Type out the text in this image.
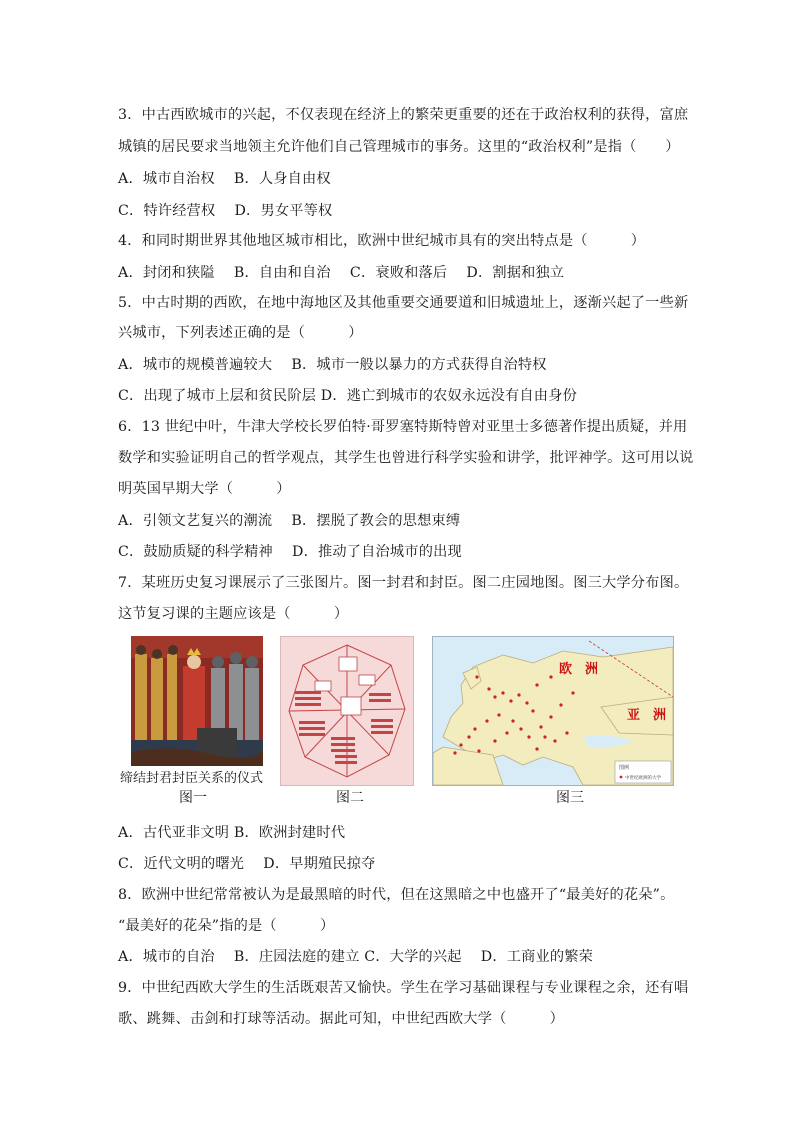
3．中古西欧城市的兴起，不仅表现在经济上的繁荣更重要的还在于政治权利的获得，富庶
城镇的居民要求当地领主允许他们自己管理城市的事务。这里的“政治权利”是指（　　）
A．城市自治权　 B．人身自由权
C．特许经营权　 D．男女平等权
4．和同时期世界其他地区城市相比，欧洲中世纪城市具有的突出特点是（　　　）
A．封闭和狭隘　 B．自由和自治　 C．衰败和落后　 D．割据和独立
5．中古时期的西欧，在地中海地区及其他重要交通要道和旧城遗址上，逐渐兴起了一些新
兴城市，下列表述正确的是（　　　）
A．城市的规模普遍较大　 B．城市一般以暴力的方式获得自治特权
C．出现了城市上层和贫民阶层 D．逃亡到城市的农奴永远没有自由身份
6．13 世纪中叶，牛津大学校长罗伯特·哥罗塞特斯特曾对亚里士多德著作提出质疑，并用
数学和实验证明自己的哲学观点，其学生也曾进行科学实验和讲学，批评神学。这可用以说
明英国早期大学（　　　）
A．引领文艺复兴的潮流　 B．摆脱了教会的思想束缚
C．鼓励质疑的科学精神　 D．推动了自治城市的出现
7．某班历史复习课展示了三张图片。图一封君和封臣。图二庄园地图。图三大学分布图。
这节复习课的主题应该是（　　　）
缔结封君封臣关系的仪式
图一	图二
欧　洲
亚　洲
图例
中世纪欧洲的大学
图三
A．古代亚非文明 B．欧洲封建时代
C．近代文明的曙光　 D．早期殖民掠夺
8．欧洲中世纪常常被认为是最黑暗的时代，但在这黑暗之中也盛开了“最美好的花朵”。
“最美好的花朵”指的是（　　　）
A．城市的自治　 B．庄园法庭的建立 C．大学的兴起　 D．工商业的繁荣
9．中世纪西欧大学生的生活既艰苦又愉快。学生在学习基础课程与专业课程之余，还有唱
歌、跳舞、击剑和打球等活动。据此可知，中世纪西欧大学（　　　）
